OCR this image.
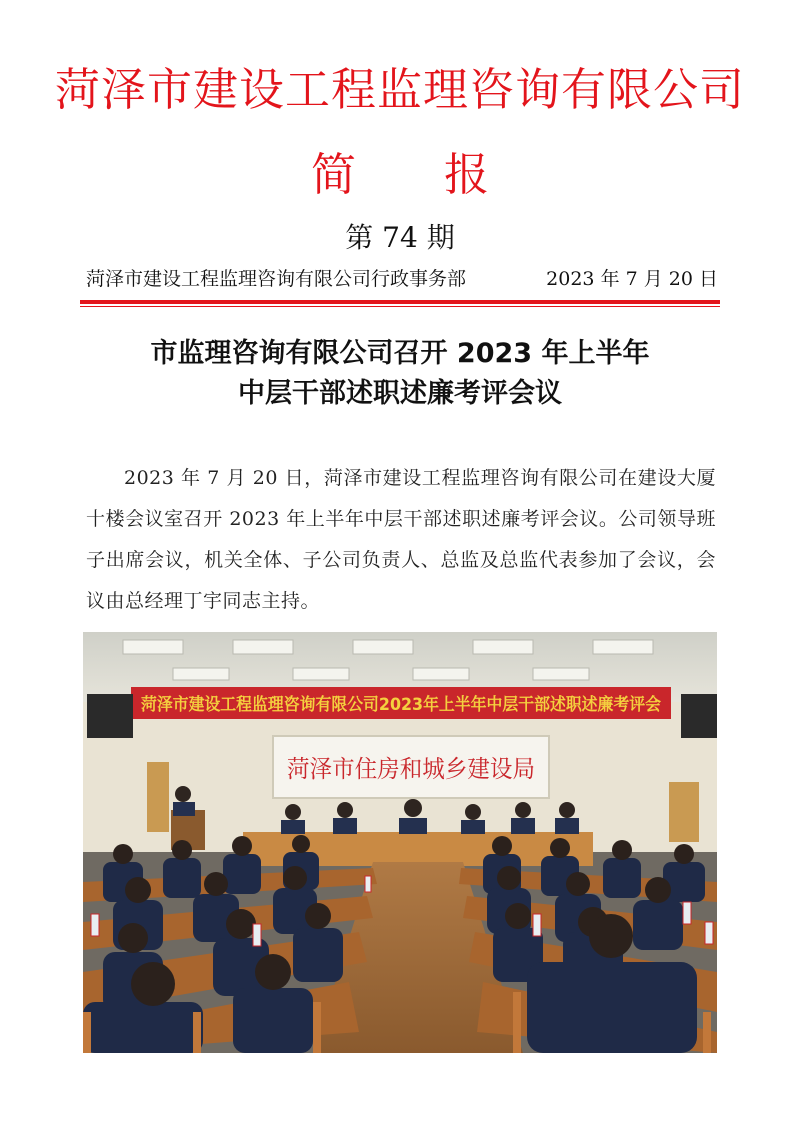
菏泽市建设工程监理咨询有限公司
简报
第 74 期
菏泽市建设工程监理咨询有限公司行政事务部	2023 年 7 月 20 日
市监理咨询有限公司召开 2023 年上半年
中层干部述职述廉考评会议

2023 年 7 月 20 日，菏泽市建设工程监理咨询有限公司在建设大厦十楼会议室召开 2023 年上半年中层干部述职述廉考评会议。公司领导班子出席会议，机关全体、子公司负责人、总监及总监代表参加了会议，会议由总经理丁宇同志主持。

菏泽市建设工程监理咨询有限公司2023年上半年中层干部述职述廉考评会
菏泽市住房和城乡建设局
